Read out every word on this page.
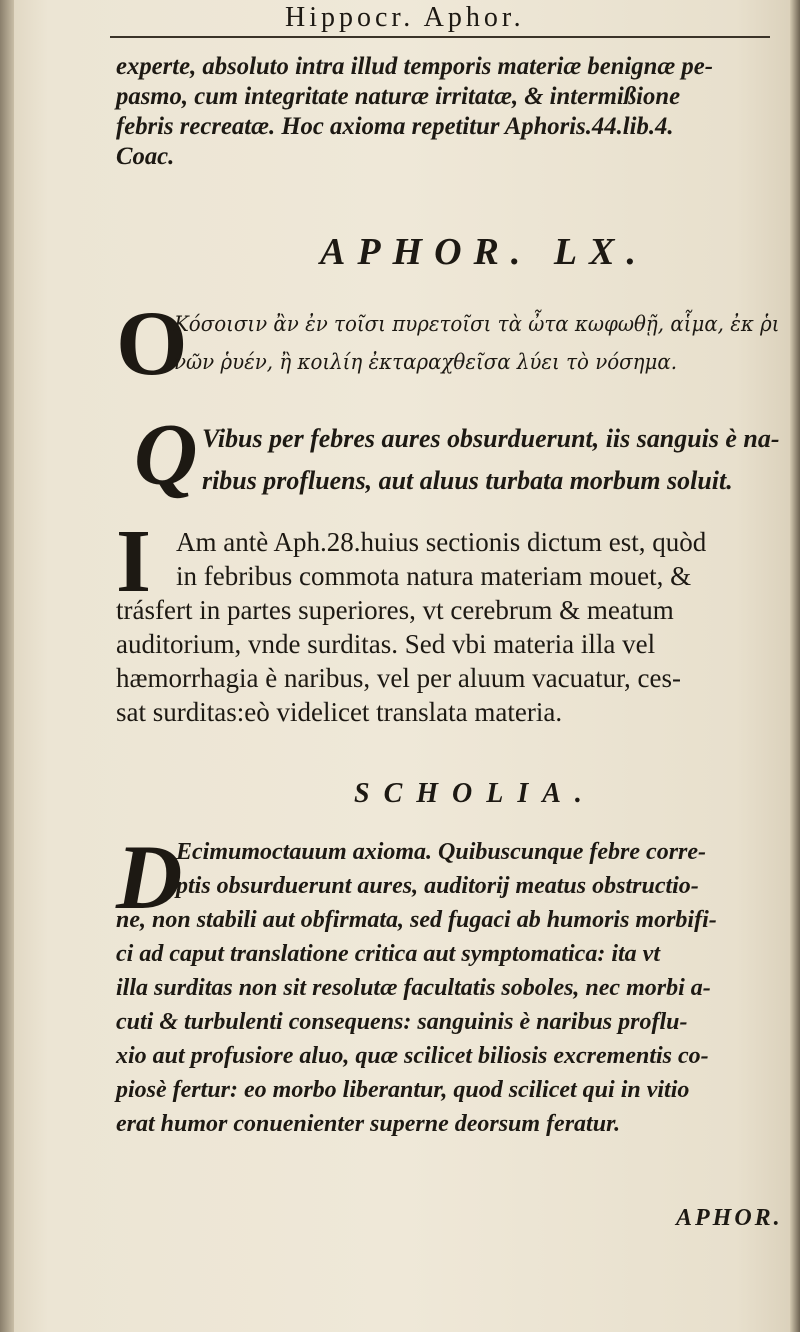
Hippocr. Aphor.
experte, absoluto intra illud temporis materiæ benignæ pe-
pasmo, cum integritate naturæ irritatæ, & intermißione
febris recreatæ. Hoc axioma repetitur Aphoris.44.lib.4.
Coac.
APHOR. LX.
O
Κόσοισιν ἂν ἐν τοῖσι πυρετοῖσι τὰ ὦτα κωφωθῇ, αἷμα, ἐκ ῥι
νῶν ῥυέν, ἢ κοιλίη ἐκταραχθεῖσα λύει τὸ νόσημα.
Q Vibus per febres aures obsurduerunt, iis sanguis è na-
ribus profluens, aut aluus turbata morbum soluit.
I Am antè Aph.28.huius sectionis dictum est, quòd
in febribus commota natura materiam mouet, &
trásfert in partes superiores, vt cerebrum & meatum
auditorium, vnde surditas. Sed vbi materia illa vel
hæmorrhagia è naribus, vel per aluum vacuatur, ces-
sat surditas:eò videlicet translata materia.
SCHOLIA.
D
Ecimumoctauum axioma. Quibuscunque febre corre-
ptis obsurduerunt aures, auditorij meatus obstructio-
ne, non stabili aut obfirmata, sed fugaci ab humoris morbifi-
ci ad caput translatione critica aut symptomatica: ita vt
illa surditas non sit resolutæ facultatis soboles, nec morbi a-
cuti & turbulenti consequens: sanguinis è naribus proflu-
xio aut profusiore aluo, quæ scilicet biliosis excrementis co-
piosè fertur: eo morbo liberantur, quod scilicet qui in vitio
erat humor conuenienter superne deorsum feratur.
APHOR.
